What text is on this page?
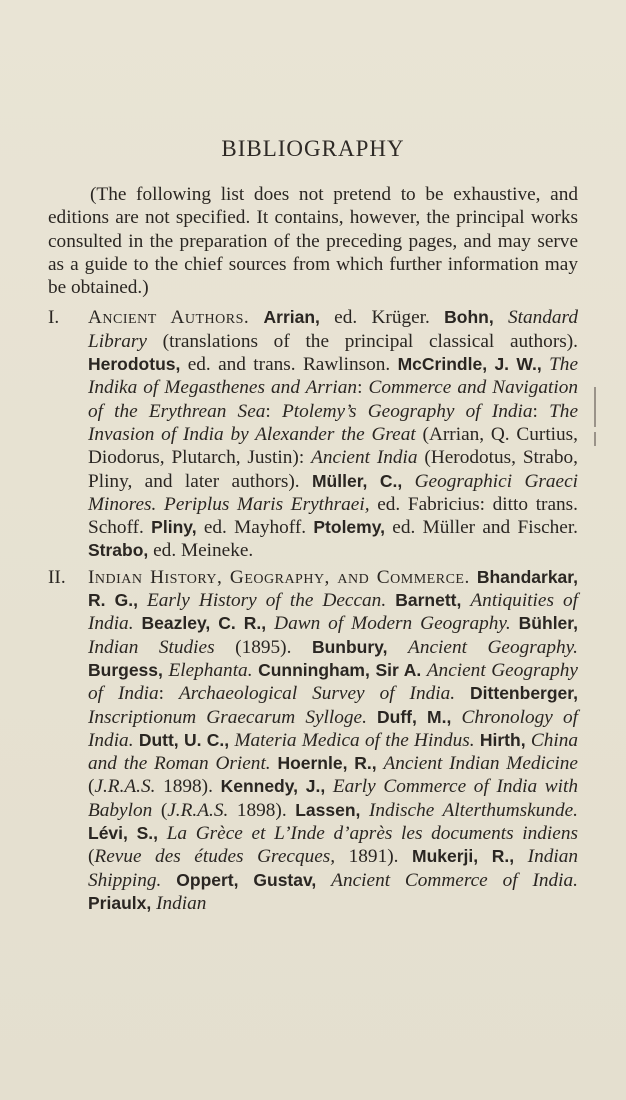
BIBLIOGRAPHY

(The following list does not pretend to be exhaustive, and editions are not specified. It contains, however, the principal works consulted in the preparation of the preceding pages, and may serve as a guide to the chief sources from which further information may be obtained.)

I.	Ancient Authors. Arrian, ed. Krüger. Bohn, Standard Library (translations of the principal classical authors). Herodotus, ed. and trans. Rawlinson. McCrindle, J. W., The Indika of Megasthenes and Arrian: Commerce and Navigation of the Erythrean Sea: Ptolemy’s Geography of India: The Invasion of India by Alexander the Great (Arrian, Q. Curtius, Diodorus, Plutarch, Justin): Ancient India (Herodotus, Strabo, Pliny, and later authors). Müller, C., Geographici Graeci Minores. Periplus Maris Erythraei, ed. Fabricius: ditto trans. Schoff. Pliny, ed. Mayhoff. Ptolemy, ed. Müller and Fischer. Strabo, ed. Meineke.
II.	Indian History, Geography, and Commerce. Bhandarkar, R. G., Early History of the Deccan. Barnett, Antiquities of India. Beazley, C. R., Dawn of Modern Geography. Bühler, Indian Studies (1895). Bunbury, Ancient Geography. Burgess, Elephanta. Cunningham, Sir A. Ancient Geography of India: Archaeological Survey of India. Dittenberger, Inscriptionum Graecarum Sylloge. Duff, M., Chronology of India. Dutt, U. C., Materia Medica of the Hindus. Hirth, China and the Roman Orient. Hoernle, R., Ancient Indian Medicine (J.R.A.S. 1898). Kennedy, J., Early Commerce of India with Babylon (J.R.A.S. 1898). Lassen, Indische Alterthumskunde. Lévi, S., La Grèce et L’Inde d’après les documents indiens (Revue des études Grecques, 1891). Mukerji, R., Indian Shipping. Oppert, Gustav, Ancient Commerce of India. Priaulx, Indian
